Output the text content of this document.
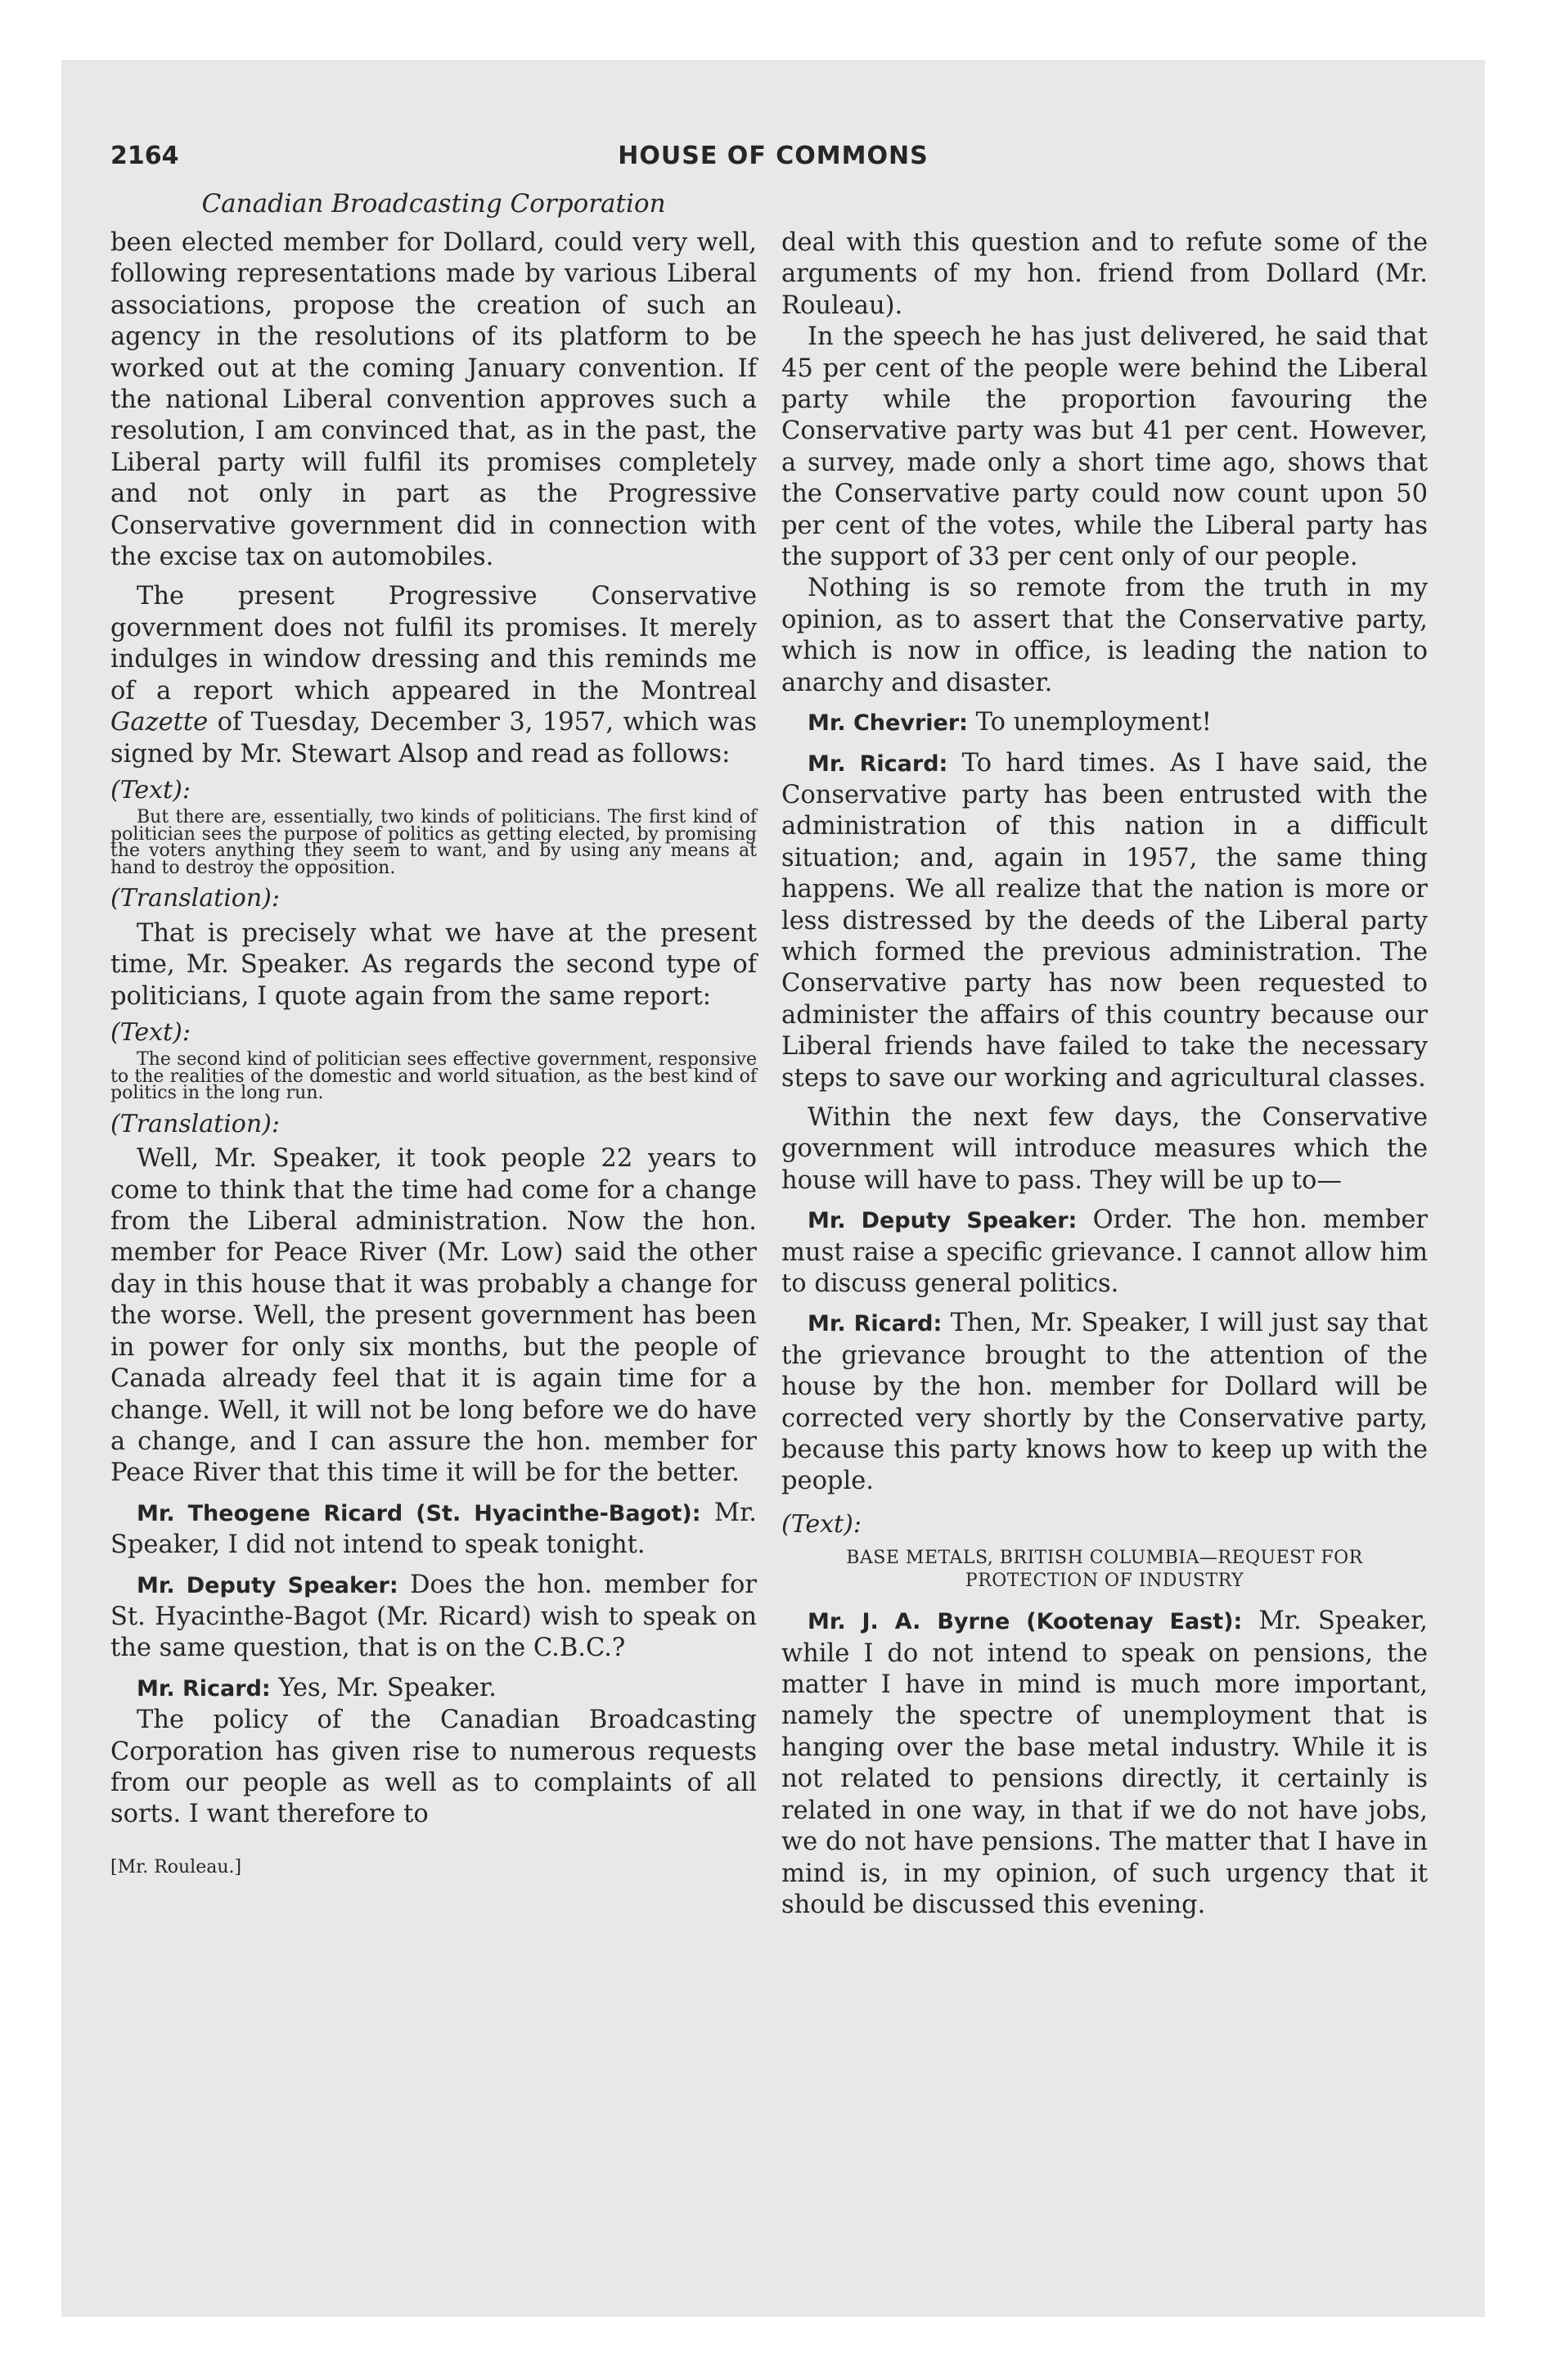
2164	HOUSE OF COMMONS
Canadian Broadcasting Corporation

been elected member for Dollard, could very well, following representations made by various Liberal associations, propose the creation of such an agency in the resolutions of its platform to be worked out at the coming January convention. If the national Liberal convention approves such a resolution, I am convinced that, as in the past, the Liberal party will fulfil its promises completely and not only in part as the Progressive Conservative government did in connection with the excise tax on automobiles.

The present Progressive Conservative government does not fulfil its promises. It merely indulges in window dressing and this reminds me of a report which appeared in the Montreal Gazette of Tuesday, December 3, 1957, which was signed by Mr. Stewart Alsop and read as follows:

(Text):
But there are, essentially, two kinds of politicians. The first kind of politician sees the purpose of politics as getting elected, by promising the voters anything they seem to want, and by using any means at hand to destroy the opposition.
(Translation):

That is precisely what we have at the present time, Mr. Speaker. As regards the second type of politicians, I quote again from the same report:

(Text):
The second kind of politician sees effective government, responsive to the realities of the domestic and world situation, as the best kind of politics in the long run.
(Translation):

Well, Mr. Speaker, it took people 22 years to come to think that the time had come for a change from the Liberal administration. Now the hon. member for Peace River (Mr. Low) said the other day in this house that it was probably a change for the worse. Well, the present government has been in power for only six months, but the people of Canada already feel that it is again time for a change. Well, it will not be long before we do have a change, and I can assure the hon. member for Peace River that this time it will be for the better.

Mr. Theogene Ricard (St. Hyacinthe-Bagot): Mr. Speaker, I did not intend to speak tonight.

Mr. Deputy Speaker: Does the hon. member for St. Hyacinthe-Bagot (Mr. Ricard) wish to speak on the same question, that is on the C.B.C.?

Mr. Ricard: Yes, Mr. Speaker.

The policy of the Canadian Broadcasting Corporation has given rise to numerous requests from our people as well as to complaints of all sorts. I want therefore to

[Mr. Rouleau.]

deal with this question and to refute some of the arguments of my hon. friend from Dollard (Mr. Rouleau).

In the speech he has just delivered, he said that 45 per cent of the people were behind the Liberal party while the proportion favouring the Conservative party was but 41 per cent. However, a survey, made only a short time ago, shows that the Conservative party could now count upon 50 per cent of the votes, while the Liberal party has the support of 33 per cent only of our people.

Nothing is so remote from the truth in my opinion, as to assert that the Conservative party, which is now in office, is leading the nation to anarchy and disaster.

Mr. Chevrier: To unemployment!

Mr. Ricard: To hard times. As I have said, the Conservative party has been entrusted with the administration of this nation in a difficult situation; and, again in 1957, the same thing happens. We all realize that the nation is more or less distressed by the deeds of the Liberal party which formed the previous administration. The Conservative party has now been requested to administer the affairs of this country because our Liberal friends have failed to take the necessary steps to save our working and agricultural classes.

Within the next few days, the Conservative government will introduce measures which the house will have to pass. They will be up to—

Mr. Deputy Speaker: Order. The hon. member must raise a specific grievance. I cannot allow him to discuss general politics.

Mr. Ricard: Then, Mr. Speaker, I will just say that the grievance brought to the attention of the house by the hon. member for Dollard will be corrected very shortly by the Conservative party, because this party knows how to keep up with the people.

(Text):
BASE METALS, BRITISH COLUMBIA—REQUEST FOR
PROTECTION OF INDUSTRY

Mr. J. A. Byrne (Kootenay East): Mr. Speaker, while I do not intend to speak on pensions, the matter I have in mind is much more important, namely the spectre of unemployment that is hanging over the base metal industry. While it is not related to pensions directly, it certainly is related in one way, in that if we do not have jobs, we do not have pensions. The matter that I have in mind is, in my opinion, of such urgency that it should be discussed this evening.
